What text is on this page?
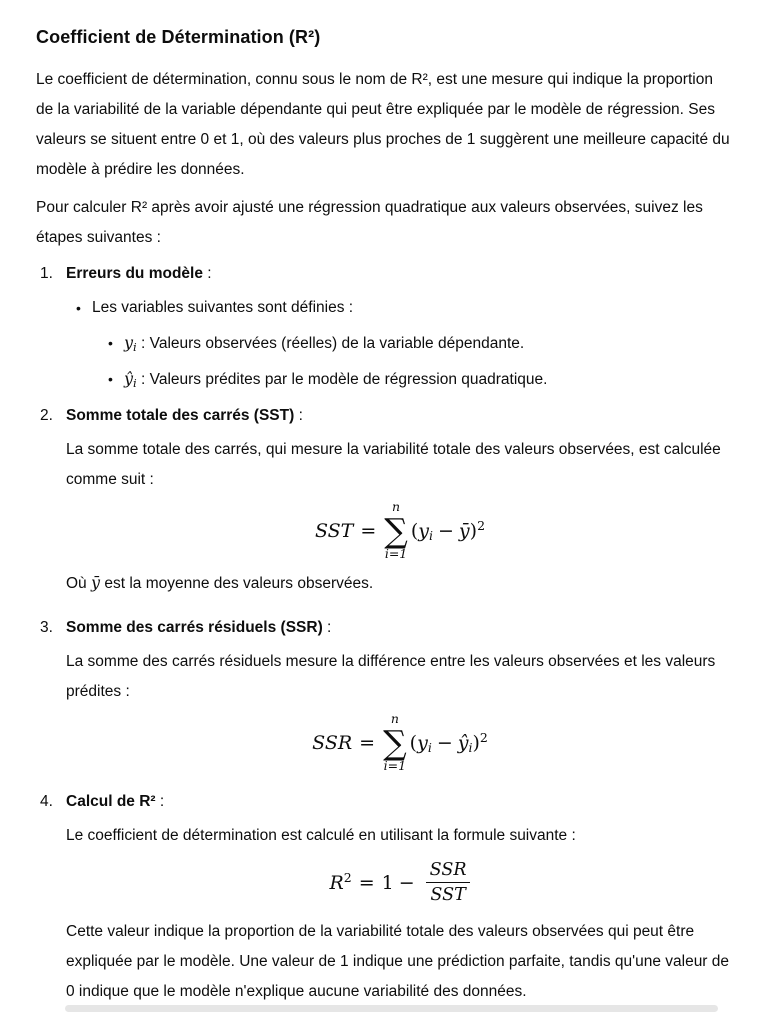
Coefficient de Détermination (R²)

Le coefficient de détermination, connu sous le nom de R², est une mesure qui indique la proportion de la variabilité de la variable dépendante qui peut être expliquée par le modèle de régression. Ses valeurs se situent entre 0 et 1, où des valeurs plus proches de 1 suggèrent une meilleure capacité du modèle à prédire les données.

Pour calculer R² après avoir ajusté une régression quadratique aux valeurs observées, suivez les étapes suivantes :

1. Erreurs du modèle :
• Les variables suivantes sont définies :
• yi : Valeurs observées (réelles) de la variable dépendante.
• ŷi : Valeurs prédites par le modèle de régression quadratique.
2. Somme totale des carrés (SST) :

La somme totale des carrés, qui mesure la variabilité totale des valeurs observées, est calculée comme suit :

SST =
n
∑
i=1
($y_i$ − ȳ)$^2$

Où ȳ est la moyenne des valeurs observées.

3. Somme des carrés résiduels (SSR) :

La somme des carrés résiduels mesure la différence entre les valeurs observées et les valeurs prédites :

SSR =
n
∑
i=1
($y_i$ − $ŷ_i)^2$
4. Calcul de R² :

Le coefficient de détermination est calculé en utilisant la formule suivante :

$R^2 = 1 - \frac{\text{SSR}}{\text{SST}}$

Cette valeur indique la proportion de la variabilité totale des valeurs observées qui peut être expliquée par le modèle. Une valeur de 1 indique une prédiction parfaite, tandis qu'une valeur de 0 indique que le modèle n'explique aucune variabilité des données.
